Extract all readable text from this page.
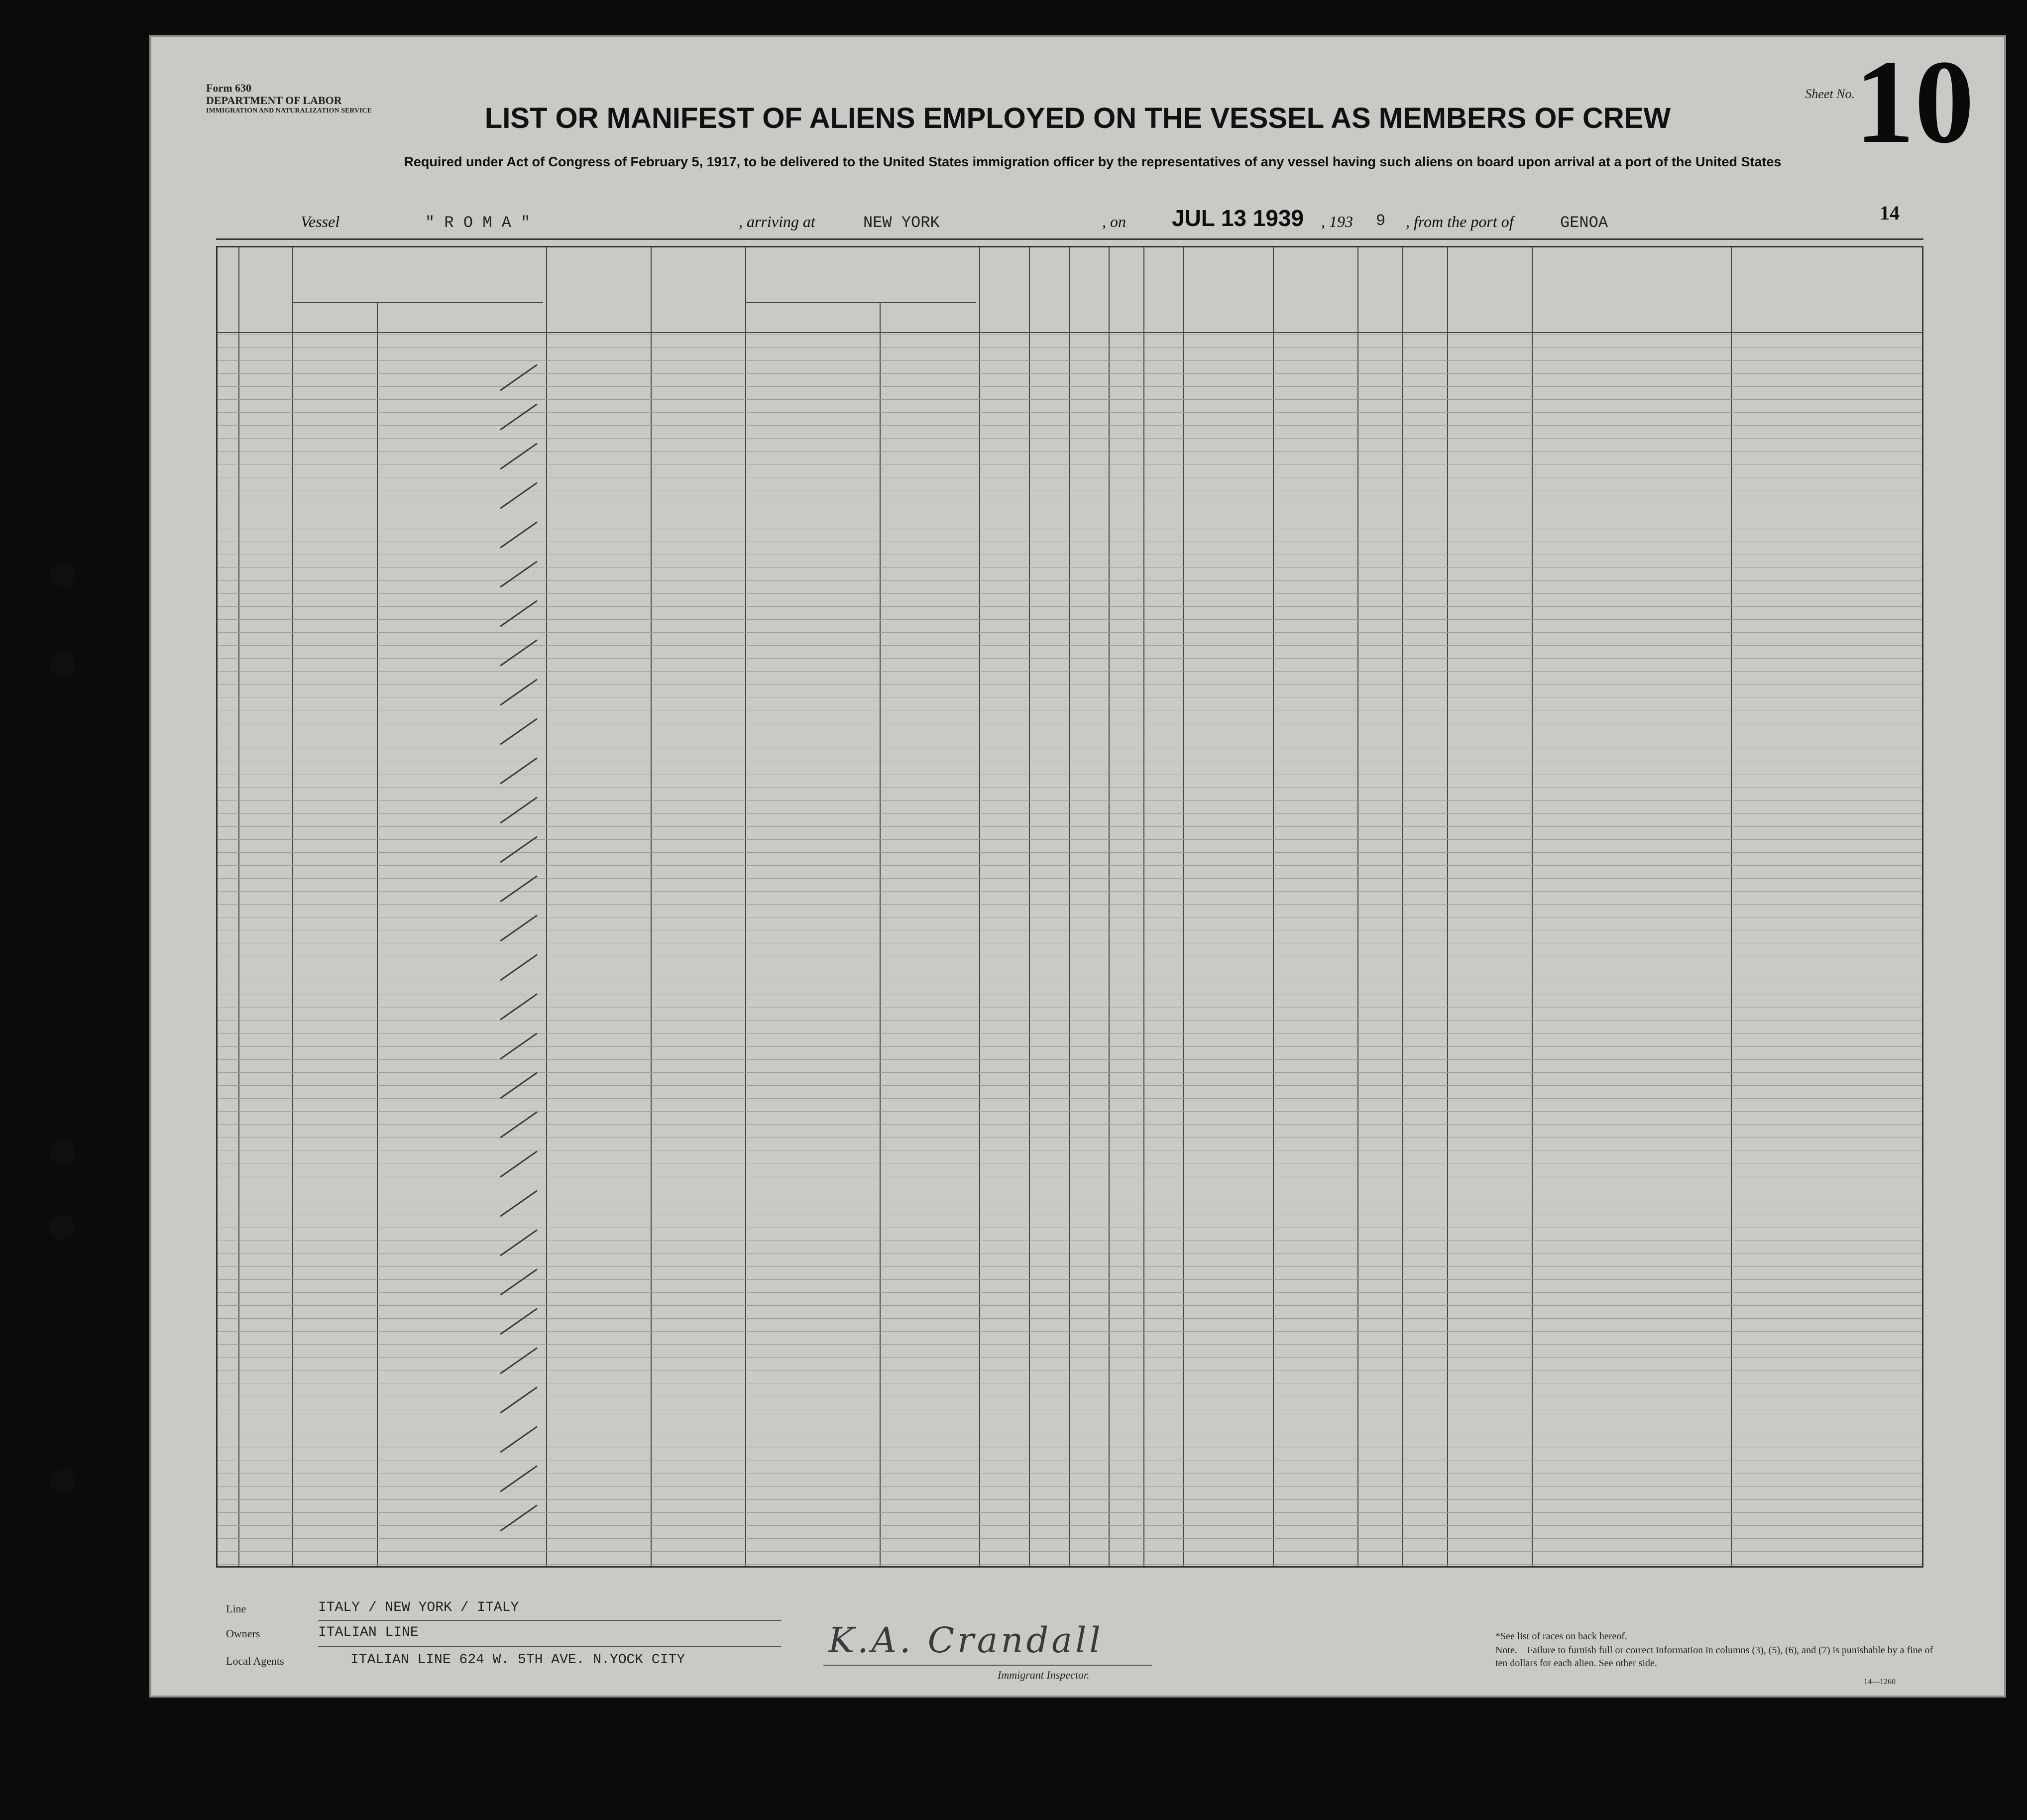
Form 630
DEPARTMENT OF LABOR
IMMIGRATION AND NATURALIZATION SERVICE
Sheet No. 10
14
LIST OR MANIFEST OF ALIENS EMPLOYED ON THE VESSEL AS MEMBERS OF CREW
Required under Act of Congress of February 5, 1917, to be delivered to the United States immigration officer by the representatives of any vessel having such aliens on board upon arrival at a port of the United States
Vessel	" R O M A "	, arriving at	NEW YORK	, on JUL 13 1939 , 193 9 , from the port of	GENOA
Line	ITALY / NEW YORK / ITALY
Owners	ITALIAN LINE
Local Agents	ITALIAN LINE 624 W. 5TH AVE. N.YOCK CITY	K.A. Crandall
Immigrant Inspector.
*See list of races on back hereof.
Note.—Failure to furnish full or correct information in columns (3), (5), (6), and (7) is punishable by a fine of ten dollars for each alien. See other side.
14—1260
